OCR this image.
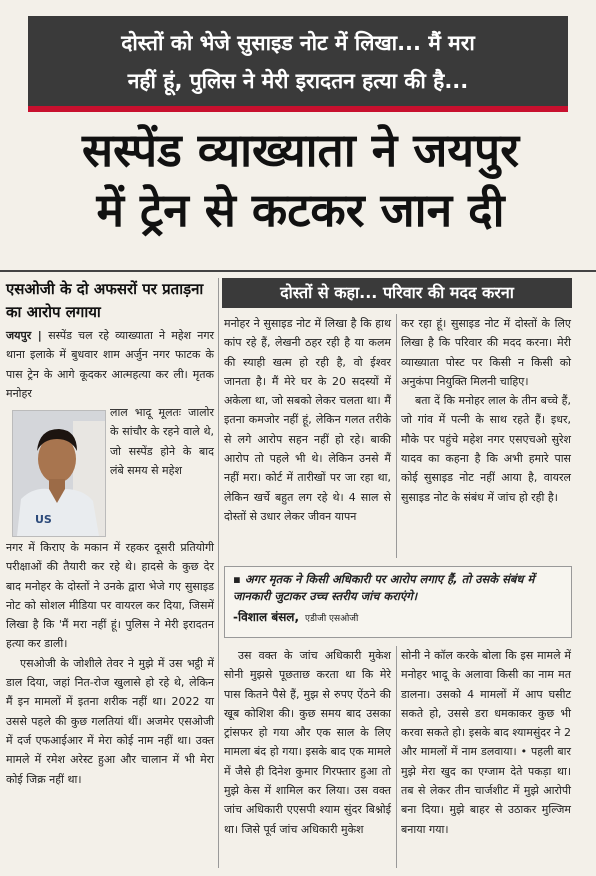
दोस्तों को भेजे सुसाइड नोट में लिखा... मैं मरा
नहीं हूं, पुलिस ने मेरी इरादतन हत्या की है...
सस्पेंड व्याख्याता ने जयपुर
में ट्रेन से कटकर जान दी
एसओजी के दो अफसरों पर प्रताड़ना का आरोप लगाया
दोस्तों से कहा... परिवार की मदद करना

जयपुर | सस्पेंड चल रहे व्याख्याता ने महेश नगर थाना इलाके में बुधवार शाम अर्जुन नगर फाटक के पास ट्रेन के आगे कूदकर आत्महत्या कर ली। मृतक मनोहर

US

लाल भादू मूलतः जालोर के सांचौर के रहने वाले थे, जो सस्पेंड होने के बाद लंबे समय से महेश

नगर में किराए के मकान में रहकर दूसरी प्रतियोगी परीक्षाओं की तैयारी कर रहे थे। हादसे के कुछ देर बाद मनोहर के दोस्तों ने उनके द्वारा भेजे गए सुसाइड नोट को सोशल मीडिया पर वायरल कर दिया, जिसमें लिखा है कि 'मैं मरा नहीं हूं। पुलिस ने मेरी इरादतन हत्या कर डाली।

एसओजी के जोशीले तेवर ने मुझे में उस भट्ठी में डाल दिया, जहां नित-रोज खुलासे हो रहे थे, लेकिन मैं इन मामलों में इतना शरीक नहीं था। 2022 या उससे पहले की कुछ गलतियां थीं। अजमेर एसओजी में दर्ज एफआईआर में मेरा कोई नाम नहीं था। उक्त मामले में रमेश अरेस्ट हुआ और चालान में भी मेरा कोई जिक्र नहीं था।

मनोहर ने सुसाइड नोट में लिखा है कि हाथ कांप रहे हैं, लेखनी ठहर रही है या कलम की स्याही खत्म हो रही है, वो ईश्वर जानता है। मैं मेरे घर के 20 सदस्यों में अकेला था, जो सबको लेकर चलता था। मैं इतना कमजोर नहीं हूं, लेकिन गलत तरीके से लगे आरोप सहन नहीं हो रहे। बाकी आरोप तो पहले भी थे। लेकिन उनसे मैं नहीं मरा। कोर्ट में तारीखों पर जा रहा था, लेकिन खर्चे बहुत लग रहे थे। 4 साल से दोस्तों से उधार लेकर जीवन यापन

कर रहा हूं। सुसाइड नोट में दोस्तों के लिए लिखा है कि परिवार की मदद करना। मेरी व्याख्याता पोस्ट पर किसी न किसी को अनुकंपा नियुक्ति मिलनी चाहिए।

बता दें कि मनोहर लाल के तीन बच्चे हैं, जो गांव में पत्नी के साथ रहते हैं। इधर, मौके पर पहुंचे महेश नगर एसएचओ सुरेश यादव का कहना है कि अभी हमारे पास कोई सुसाइड नोट नहीं आया है, वायरल सुसाइड नोट के संबंध में जांच हो रही है।

▪ अगर मृतक ने किसी अधिकारी पर आरोप लगाए हैं, तो उसके संबंध में जानकारी जुटाकर उच्च स्तरीय जांच कराएंगे।
-विशाल बंसल, एडीजी एसओजी

उस वक्त के जांच अधिकारी मुकेश सोनी मुझसे पूछताछ करता था कि मेरे पास कितने पैसे हैं, मुझ से रुपए ऐंठने की खूब कोशिश की। कुछ समय बाद उसका ट्रांसफर हो गया और एक साल के लिए मामला बंद हो गया। इसके बाद एक मामले में जैसे ही दिनेश कुमार गिरफ्तार हुआ तो मुझे केस में शामिल कर लिया। उस वक्त जांच अधिकारी एएसपी श्याम सुंदर बिश्नोई था। जिसे पूर्व जांच अधिकारी मुकेश

सोनी ने कॉल करके बोला कि इस मामले में मनोहर भादू के अलावा किसी का नाम मत डालना। उसको 4 मामलों में आप घसीट सकते हो, उससे डरा धमकाकर कुछ भी करवा सकते हो। इसके बाद श्यामसुंदर ने 2 और मामलों में नाम डलवाया। • पहली बार मुझे मेरा खुद का एग्जाम देते पकड़ा था। तब से लेकर तीन चार्जशीट में मुझे आरोपी बना दिया। मुझे बाहर से उठाकर मुल्जिम बनाया गया।
